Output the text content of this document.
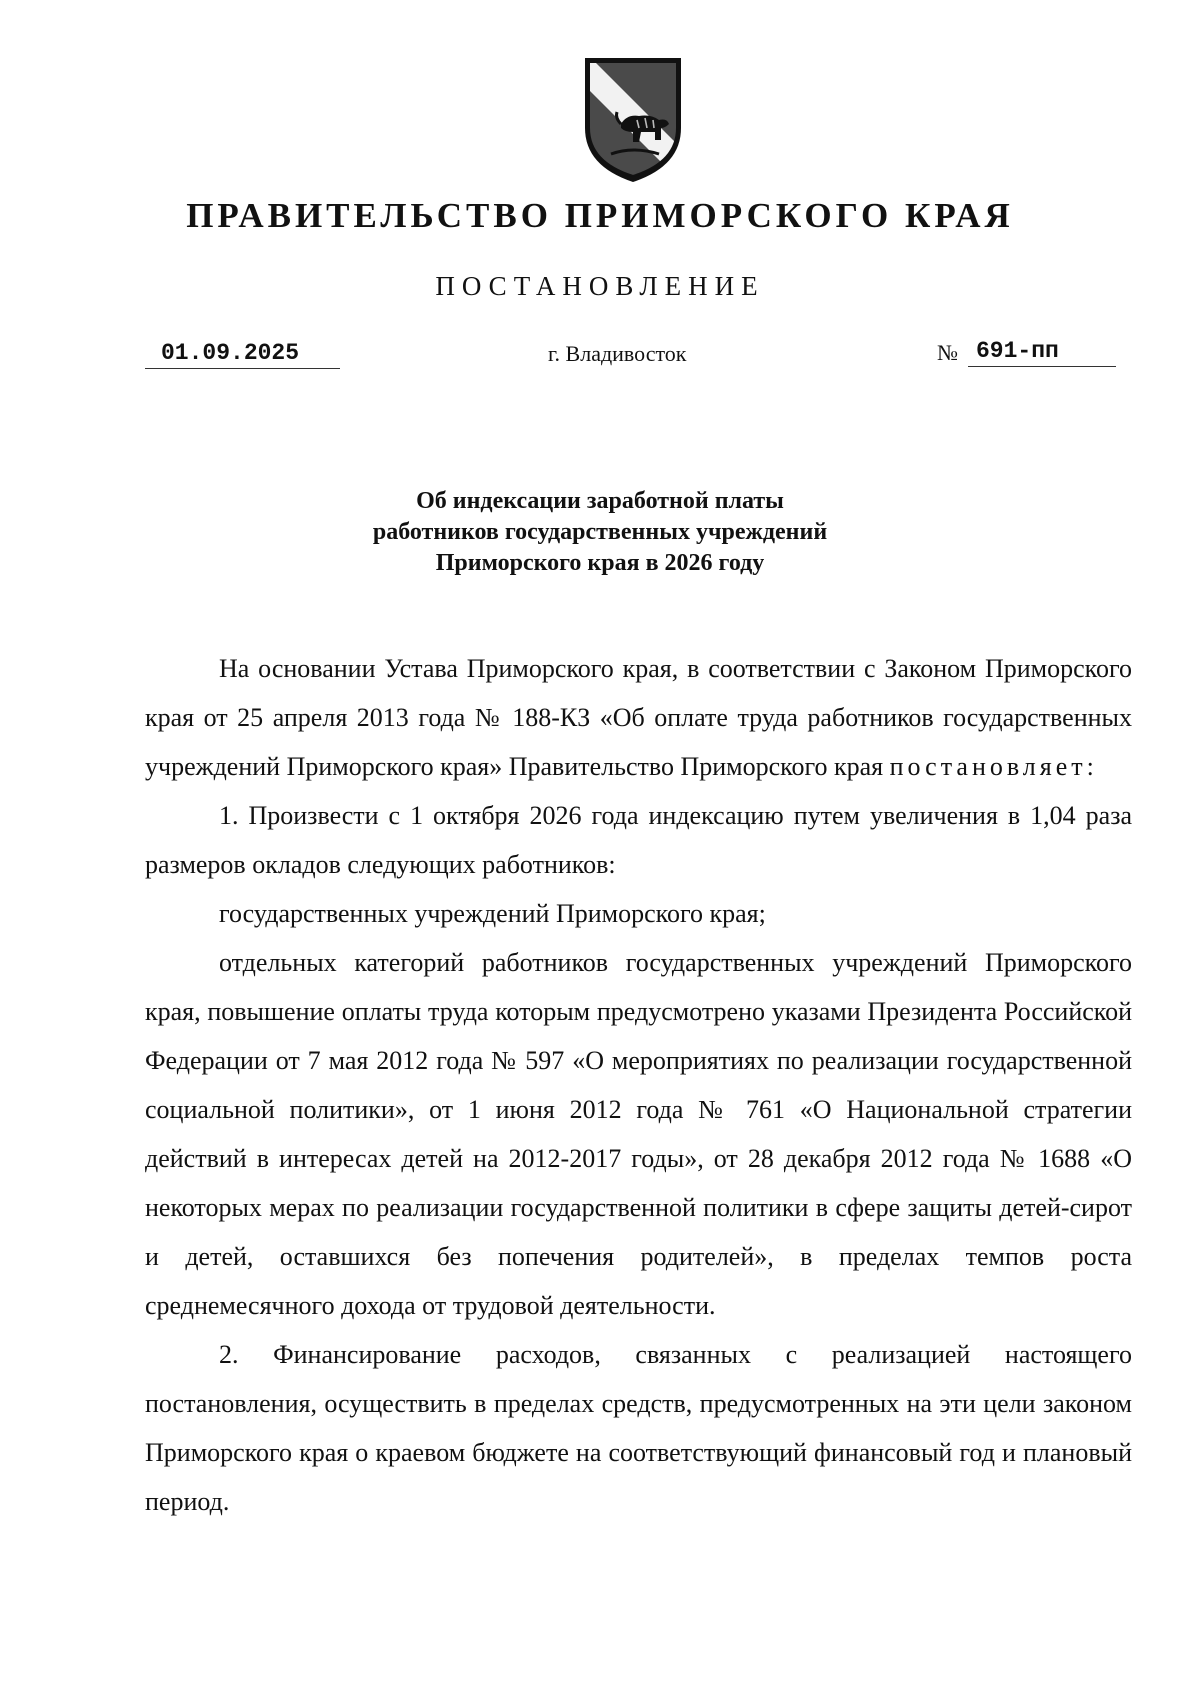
ПРАВИТЕЛЬСТВО ПРИМОРСКОГО КРАЯ
ПОСТАНОВЛЕНИЕ
01.09.2025	г. Владивосток	№ 691-пп
Об индексации заработной платы
работников государственных учреждений
Приморского края в 2026 году

На основании Устава Приморского края, в соответствии с Законом Приморского края от 25 апреля 2013 года № 188-КЗ «Об оплате труда работников государственных учреждений Приморского края» Правительство Приморского края постановляет:

1. Произвести с 1 октября 2026 года индексацию путем увеличения в 1,04 раза размеров окладов следующих работников:

государственных учреждений Приморского края;

отдельных категорий работников государственных учреждений Приморского края, повышение оплаты труда которым предусмотрено указами Президента Российской Федерации от 7 мая 2012 года № 597 «О мероприятиях по реализации государственной социальной политики», от 1 июня 2012 года № 761 «О Национальной стратегии действий в интересах детей на 2012-2017 годы», от 28 декабря 2012 года № 1688 «О некоторых мерах по реализации государственной политики в сфере защиты детей-сирот и детей, оставшихся без попечения родителей», в пределах темпов роста среднемесячного дохода от трудовой деятельности.

2. Финансирование расходов, связанных с реализацией настоящего постановления, осуществить в пределах средств, предусмотренных на эти цели законом Приморского края о краевом бюджете на соответствующий финансовый год и плановый период.
